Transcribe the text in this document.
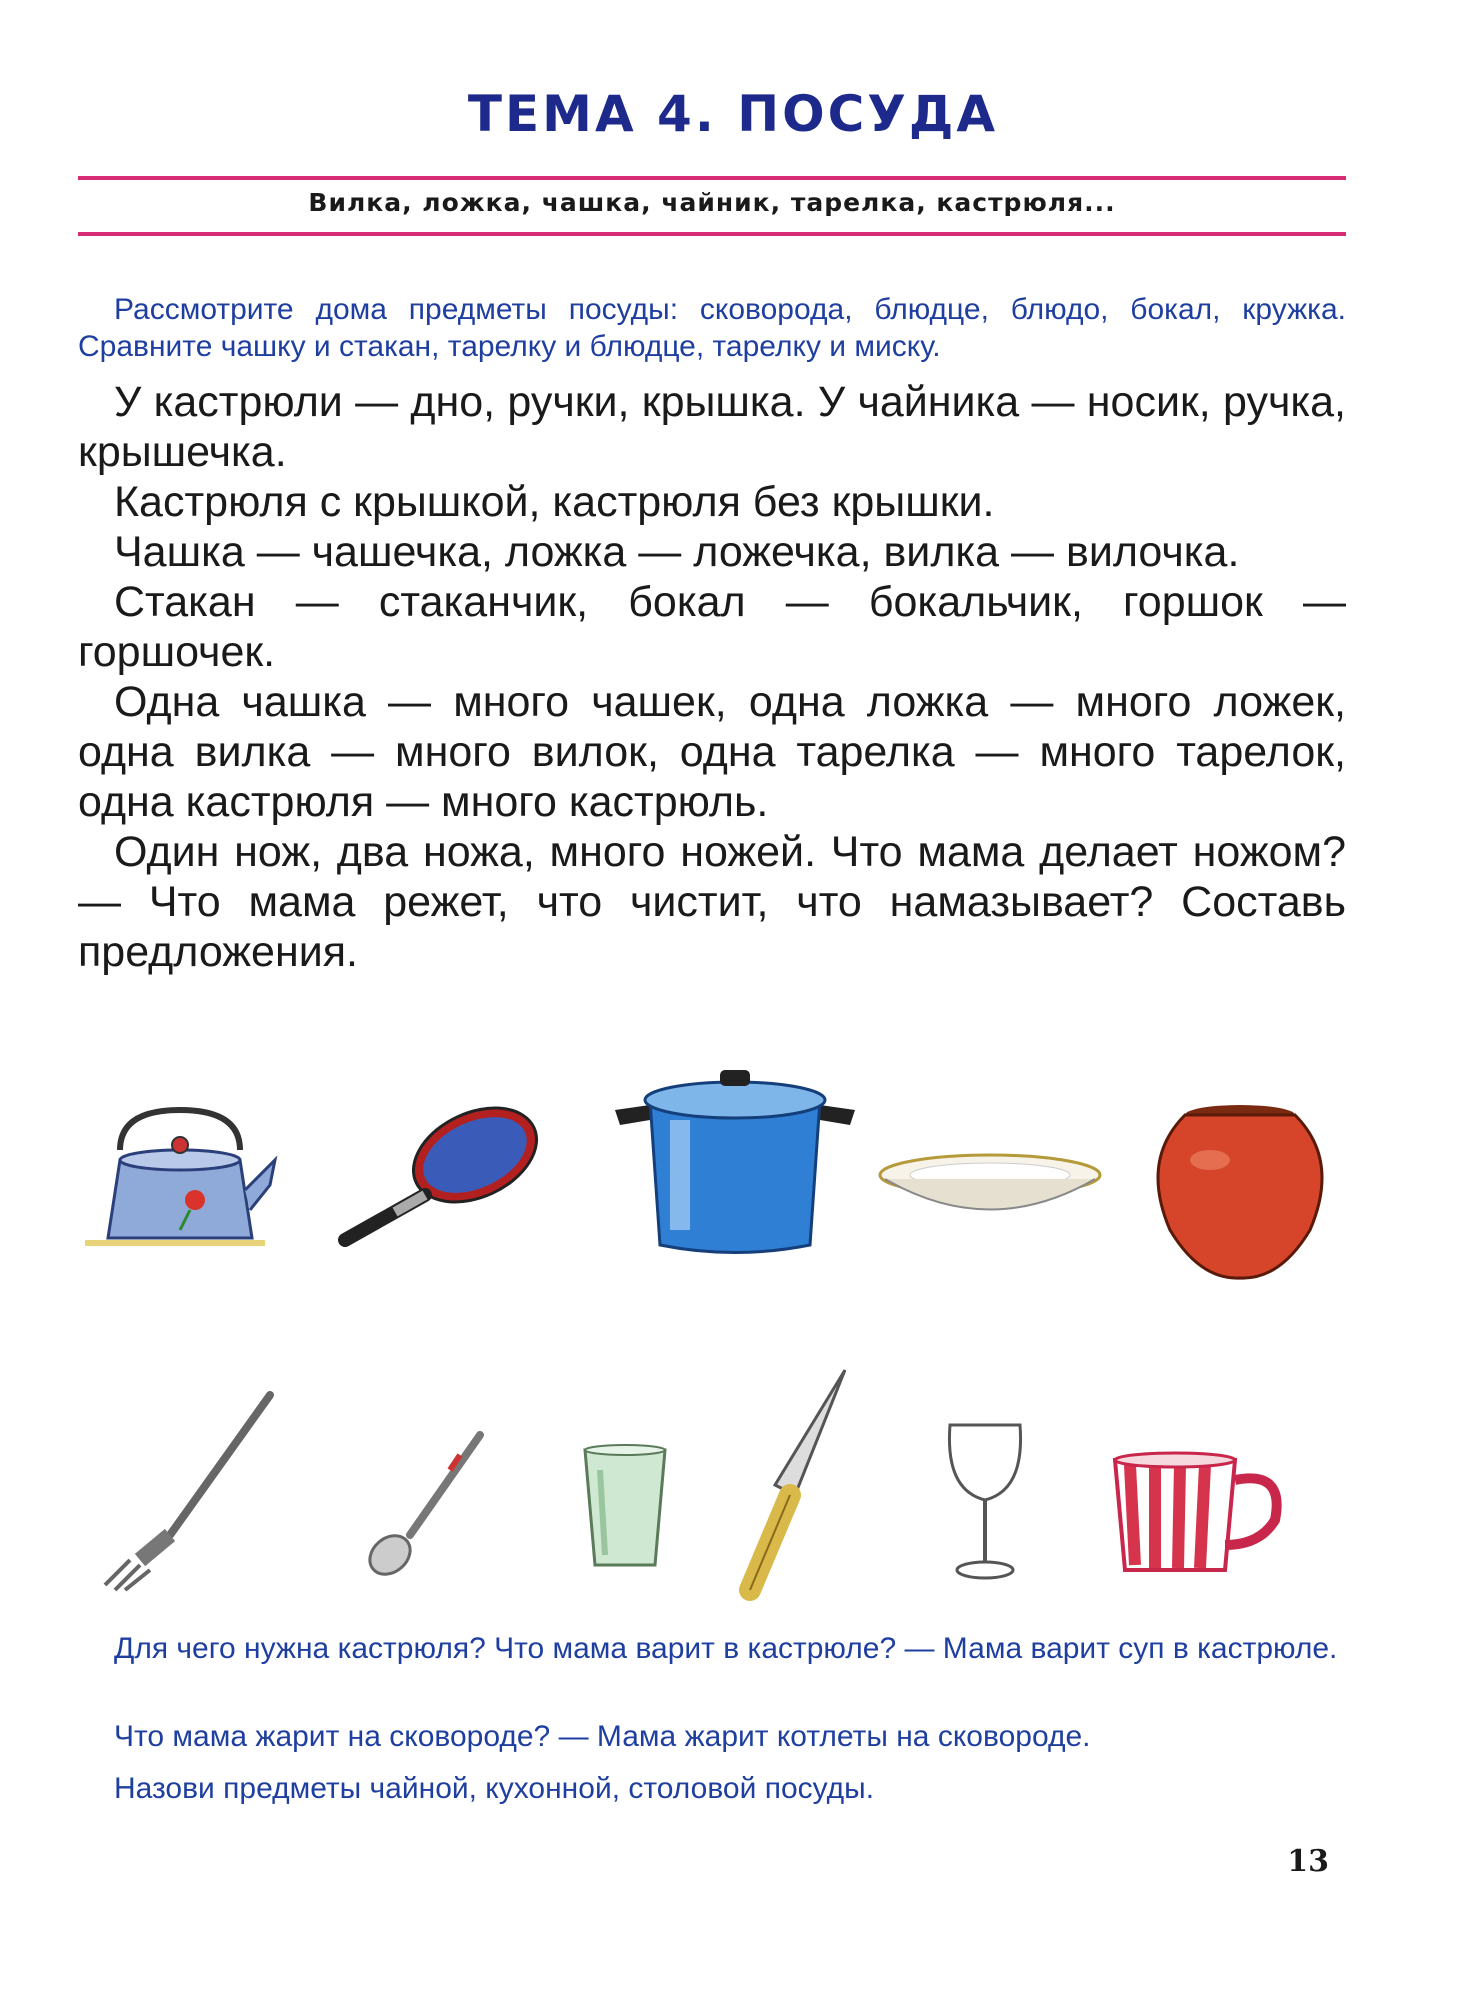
ТЕМА 4. ПОСУДА
Вилка, ложка, чашка, чайник, тарелка, кастрюля...

Рассмотрите дома предметы посуды: сковорода, блюдце, блюдо, бокал, кружка. Сравните чашку и стакан, тарелку и блюдце, тарелку и миску.

У кастрюли — дно, ручки, крышка. У чайника — носик, ручка, крышечка.

Кастрюля с крышкой, кастрюля без крышки.

Чашка — чашечка, ложка — ложечка, вилка — вилочка.

Стакан — стаканчик, бокал — бокальчик, горшок — горшочек.

Одна чашка — много чашек, одна ложка — много ложек, одна вилка — много вилок, одна тарелка — много тарелок, одна кастрюля — много кастрюль.

Один нож, два ножа, много ножей. Что мама делает ножом? — Что мама режет, что чистит, что намазывает? Составь предложения.

Для чего нужна кастрюля? Что мама варит в кастрюле? — Мама варит суп в кастрюле.

Что мама жарит на сковороде? — Мама жарит котлеты на сковороде.

Назови предметы чайной, кухонной, столовой посуды.

13
